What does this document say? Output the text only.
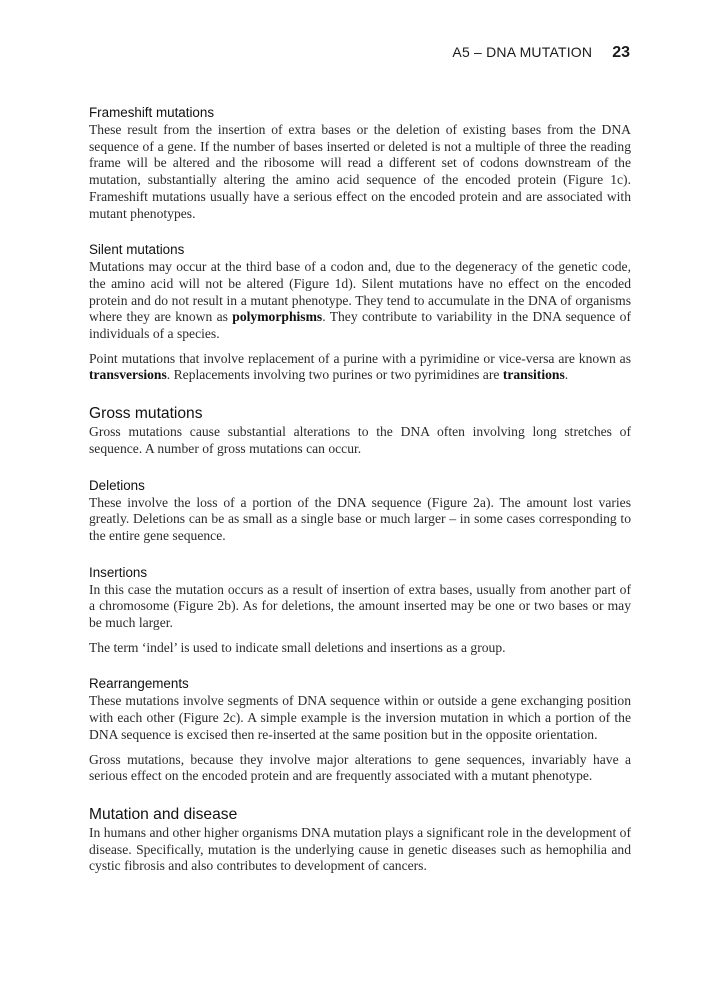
A5 – DNA MUTATION 23
Frameshift mutations

These result from the insertion of extra bases or the deletion of existing bases from the DNA sequence of a gene. If the number of bases inserted or deleted is not a multiple of three the reading frame will be altered and the ribosome will read a different set of codons downstream of the mutation, substantially altering the amino acid sequence of the encoded protein (Figure 1c). Frameshift mutations usually have a serious effect on the encoded protein and are associated with mutant phenotypes.

Silent mutations

Mutations may occur at the third base of a codon and, due to the degeneracy of the genetic code, the amino acid will not be altered (Figure 1d). Silent mutations have no effect on the encoded protein and do not result in a mutant phenotype. They tend to accumulate in the DNA of organisms where they are known as polymorphisms. They contribute to variability in the DNA sequence of individuals of a species.

Point mutations that involve replacement of a purine with a pyrimidine or vice-versa are known as transversions. Replacements involving two purines or two pyrimidines are transitions.

Gross mutations

Gross mutations cause substantial alterations to the DNA often involving long stretches of sequence. A number of gross mutations can occur.

Deletions

These involve the loss of a portion of the DNA sequence (Figure 2a). The amount lost varies greatly. Deletions can be as small as a single base or much larger – in some cases corresponding to the entire gene sequence.

Insertions

In this case the mutation occurs as a result of insertion of extra bases, usually from another part of a chromosome (Figure 2b). As for deletions, the amount inserted may be one or two bases or may be much larger.

The term ‘indel’ is used to indicate small deletions and insertions as a group.

Rearrangements

These mutations involve segments of DNA sequence within or outside a gene exchanging position with each other (Figure 2c). A simple example is the inversion mutation in which a portion of the DNA sequence is excised then re-inserted at the same position but in the opposite orientation.

Gross mutations, because they involve major alterations to gene sequences, invariably have a serious effect on the encoded protein and are frequently associated with a mutant phenotype.

Mutation and disease

In humans and other higher organisms DNA mutation plays a significant role in the development of disease. Specifically, mutation is the underlying cause in genetic diseases such as hemophilia and cystic fibrosis and also contributes to development of cancers.
